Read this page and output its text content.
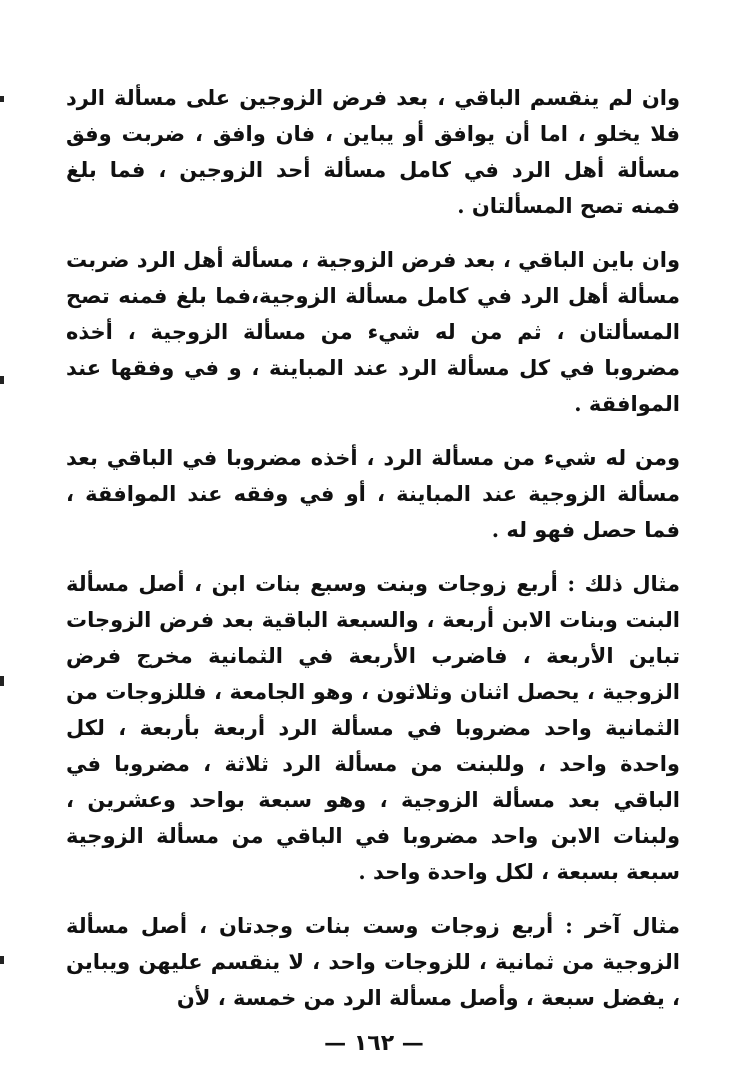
وان لم ينقسم الباقي ، بعد فرض الزوجين على مسألة الرد فلا يخلو ، اما أن يوافق أو يباين ، فان وافق ، ضربت وفق مسألة أهل الرد في كامل مسألة أحد الزوجين ، فما بلغ فمنه تصح المسألتان .

وان باين الباقي ، بعد فرض الزوجية ، مسألة أهل الرد ضربت مسألة أهل الرد في كامل مسألة الزوجية،فما بلغ فمنه تصح المسألتان ، ثم من له شيء من مسألة الزوجية ، أخذه مضروبا في كل مسألة الرد عند المباينة ، و في وفقها عند الموافقة .

ومن له شيء من مسألة الرد ، أخذه مضروبا في الباقي بعد مسألة الزوجية عند المباينة ، أو في وفقه عند الموافقة ، فما حصل فهو له .

مثال ذلك : أربع زوجات وبنت وسبع بنات ابن ، أصل مسألة البنت وبنات الابن أربعة ، والسبعة الباقية بعد فرض الزوجات تباين الأربعة ، فاضرب الأربعة في الثمانية مخرج فرض الزوجية ، يحصل اثنان وثلاثون ، وهو الجامعة ، فللزوجات من الثمانية واحد مضروبا في مسألة الرد أربعة بأربعة ، لكل واحدة واحد ، وللبنت من مسألة الرد ثلاثة ، مضروبا في الباقي بعد مسألة الزوجية ، وهو سبعة بواحد وعشرين ، ولبنات الابن واحد مضروبا في الباقي من مسألة الزوجية سبعة بسبعة ، لكل واحدة واحد .

مثال آخر : أربع زوجات وست بنات وجدتان ، أصل مسألة الزوجية من ثمانية ، للزوجات واحد ، لا ينقسم عليهن ويباين ، يفضل سبعة ، وأصل مسألة الرد من خمسة ، لأن

— ١٦٢ —
